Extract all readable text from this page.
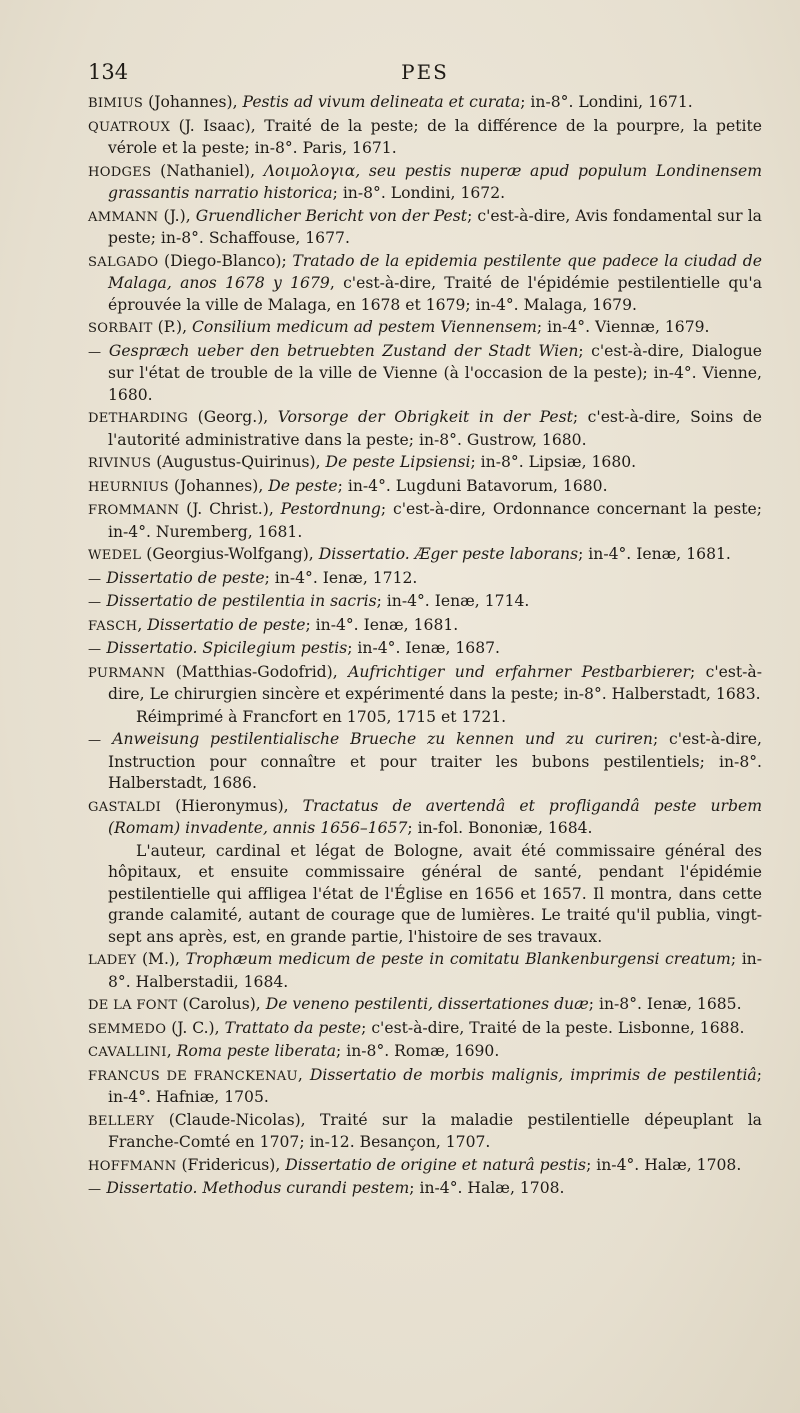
134	PES

BIMIUS (Johannes), Pestis ad vivum delineata et curata; in-8°. Londini, 1671.

QUATROUX (J. Isaac), Traité de la peste; de la différence de la pourpre, la petite vérole et la peste; in-8°. Paris, 1671.

HODGES (Nathaniel), Λοιμολογια, seu pestis nuperæ apud populum Londinensem grassantis narratio historica; in-8°. Londini, 1672.

AMMANN (J.), Gruendlicher Bericht von der Pest; c'est-à-dire, Avis fondamental sur la peste; in-8°. Schaffouse, 1677.

SALGADO (Diego-Blanco); Tratado de la epidemia pestilente que padece la ciudad de Malaga, anos 1678 y 1679, c'est-à-dire, Traité de l'épidémie pestilentielle qu'a éprouvée la ville de Malaga, en 1678 et 1679; in-4°. Malaga, 1679.

SORBAIT (P.), Consilium medicum ad pestem Viennensem; in-4°. Viennæ, 1679.

— Gespræch ueber den betruebten Zustand der Stadt Wien; c'est-à-dire, Dialogue sur l'état de trouble de la ville de Vienne (à l'occasion de la peste); in-4°. Vienne, 1680.

DETHARDING (Georg.), Vorsorge der Obrigkeit in der Pest; c'est-à-dire, Soins de l'autorité administrative dans la peste; in-8°. Gustrow, 1680.

RIVINUS (Augustus-Quirinus), De peste Lipsiensi; in-8°. Lipsiæ, 1680.

HEURNIUS (Johannes), De peste; in-4°. Lugduni Batavorum, 1680.

FROMMANN (J. Christ.), Pestordnung; c'est-à-dire, Ordonnance concernant la peste; in-4°. Nuremberg, 1681.

WEDEL (Georgius-Wolfgang), Dissertatio. Æger peste laborans; in-4°. Ienæ, 1681.

— Dissertatio de peste; in-4°. Ienæ, 1712.

— Dissertatio de pestilentia in sacris; in-4°. Ienæ, 1714.

FASCH, Dissertatio de peste; in-4°. Ienæ, 1681.

— Dissertatio. Spicilegium pestis; in-4°. Ienæ, 1687.

PURMANN (Matthias-Godofrid), Aufrichtiger und erfahrner Pestbarbierer; c'est-à-dire, Le chirurgien sincère et expérimenté dans la peste; in-8°. Halberstadt, 1683.

Réimprimé à Francfort en 1705, 1715 et 1721.

— Anweisung pestilentialische Brueche zu kennen und zu curiren; c'est-à-dire, Instruction pour connaître et pour traiter les bubons pestilentiels; in-8°. Halberstadt, 1686.

GASTALDI (Hieronymus), Tractatus de avertendâ et profligandâ peste urbem (Romam) invadente, annis 1656–1657; in-fol. Bononiæ, 1684.

L'auteur, cardinal et légat de Bologne, avait été commissaire général des hôpitaux, et ensuite commissaire général de santé, pendant l'épidémie pestilentielle qui affligea l'état de l'Église en 1656 et 1657. Il montra, dans cette grande calamité, autant de courage que de lumières. Le traité qu'il publia, vingt-sept ans après, est, en grande partie, l'histoire de ses travaux.

LADEY (M.), Trophæum medicum de peste in comitatu Blankenburgensi creatum; in-8°. Halberstadii, 1684.

DE LA FONT (Carolus), De veneno pestilenti, dissertationes duæ; in-8°. Ienæ, 1685.

SEMMEDO (J. C.), Trattato da peste; c'est-à-dire, Traité de la peste. Lisbonne, 1688.

CAVALLINI, Roma peste liberata; in-8°. Romæ, 1690.

FRANCUS DE FRANCKENAU, Dissertatio de morbis malignis, imprimis de pestilentiâ; in-4°. Hafniæ, 1705.

BELLERY (Claude-Nicolas), Traité sur la maladie pestilentielle dépeuplant la Franche-Comté en 1707; in-12. Besançon, 1707.

HOFFMANN (Fridericus), Dissertatio de origine et naturâ pestis; in-4°. Halæ, 1708.

— Dissertatio. Methodus curandi pestem; in-4°. Halæ, 1708.
